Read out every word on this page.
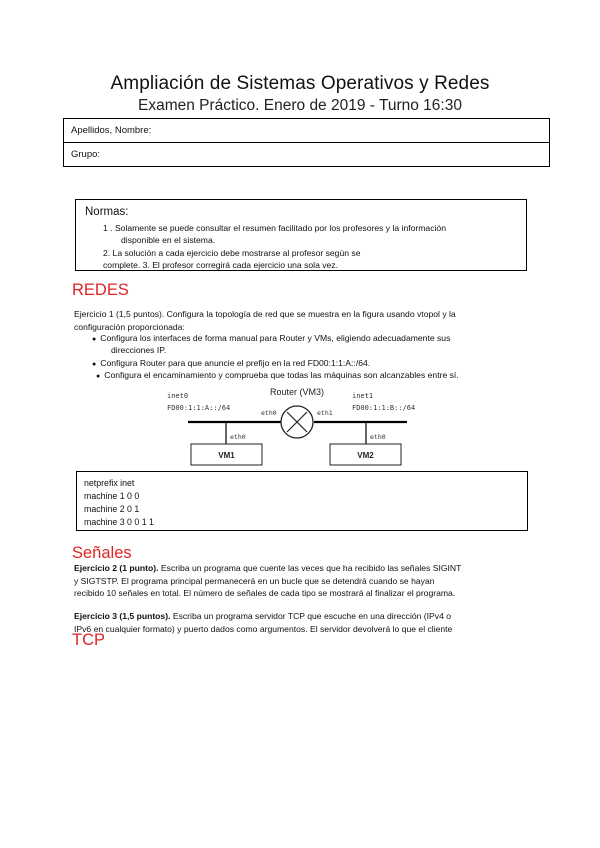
Ampliación de Sistemas Operativos y Redes
Examen Práctico. Enero de 2019 - Turno 16:30
Apellidos, Nombre:
Grupo:
Normas:
1 . Solamente se puede consultar el resumen facilitado por los profesores y la información
disponible en el sistema.
2. La solución a cada ejercicio debe mostrarse al profesor según se
complete. 3. El profesor corregirá cada ejercicio una sola vez.
REDES
Ejercicio 1 (1,5 puntos). Configura la topología de red que se muestra en la figura usando vtopol y la
configuración proporcionada:
● Configura los interfaces de forma manual para Router y VMs, eligiendo adecuadamente sus
direcciones IP.
● Configura Router para que anuncie el prefijo en la red FD00:1:1:A::/64.
● Configura el encaminamiento y comprueba que todas las máquinas son alcanzables entre sí.
Router (VM3)
inet0
FD00:1:1:A::/64
inet1
FD00:1:1:B::/64
eth0	eth1
eth0	eth0
VM1	VM2
netprefix inet
machine 1 0 0
machine 2 0 1
machine 3 0 0 1 1
Señales
Ejercicio 2 (1 punto). Escriba un programa que cuente las veces que ha recibido las señales SIGINT
y SIGTSTP. El programa principal permanecerá en un bucle que se detendrá cuando se hayan
recibido 10 señales en total. El número de señales de cada tipo se mostrará al finalizar el programa.
Ejercicio 3 (1,5 puntos). Escriba un programa servidor TCP que escuche en una dirección (IPv4 o
IPv6 en cualquier formato) y puerto dados como argumentos. El servidor devolverá lo que el cliente
TCP
